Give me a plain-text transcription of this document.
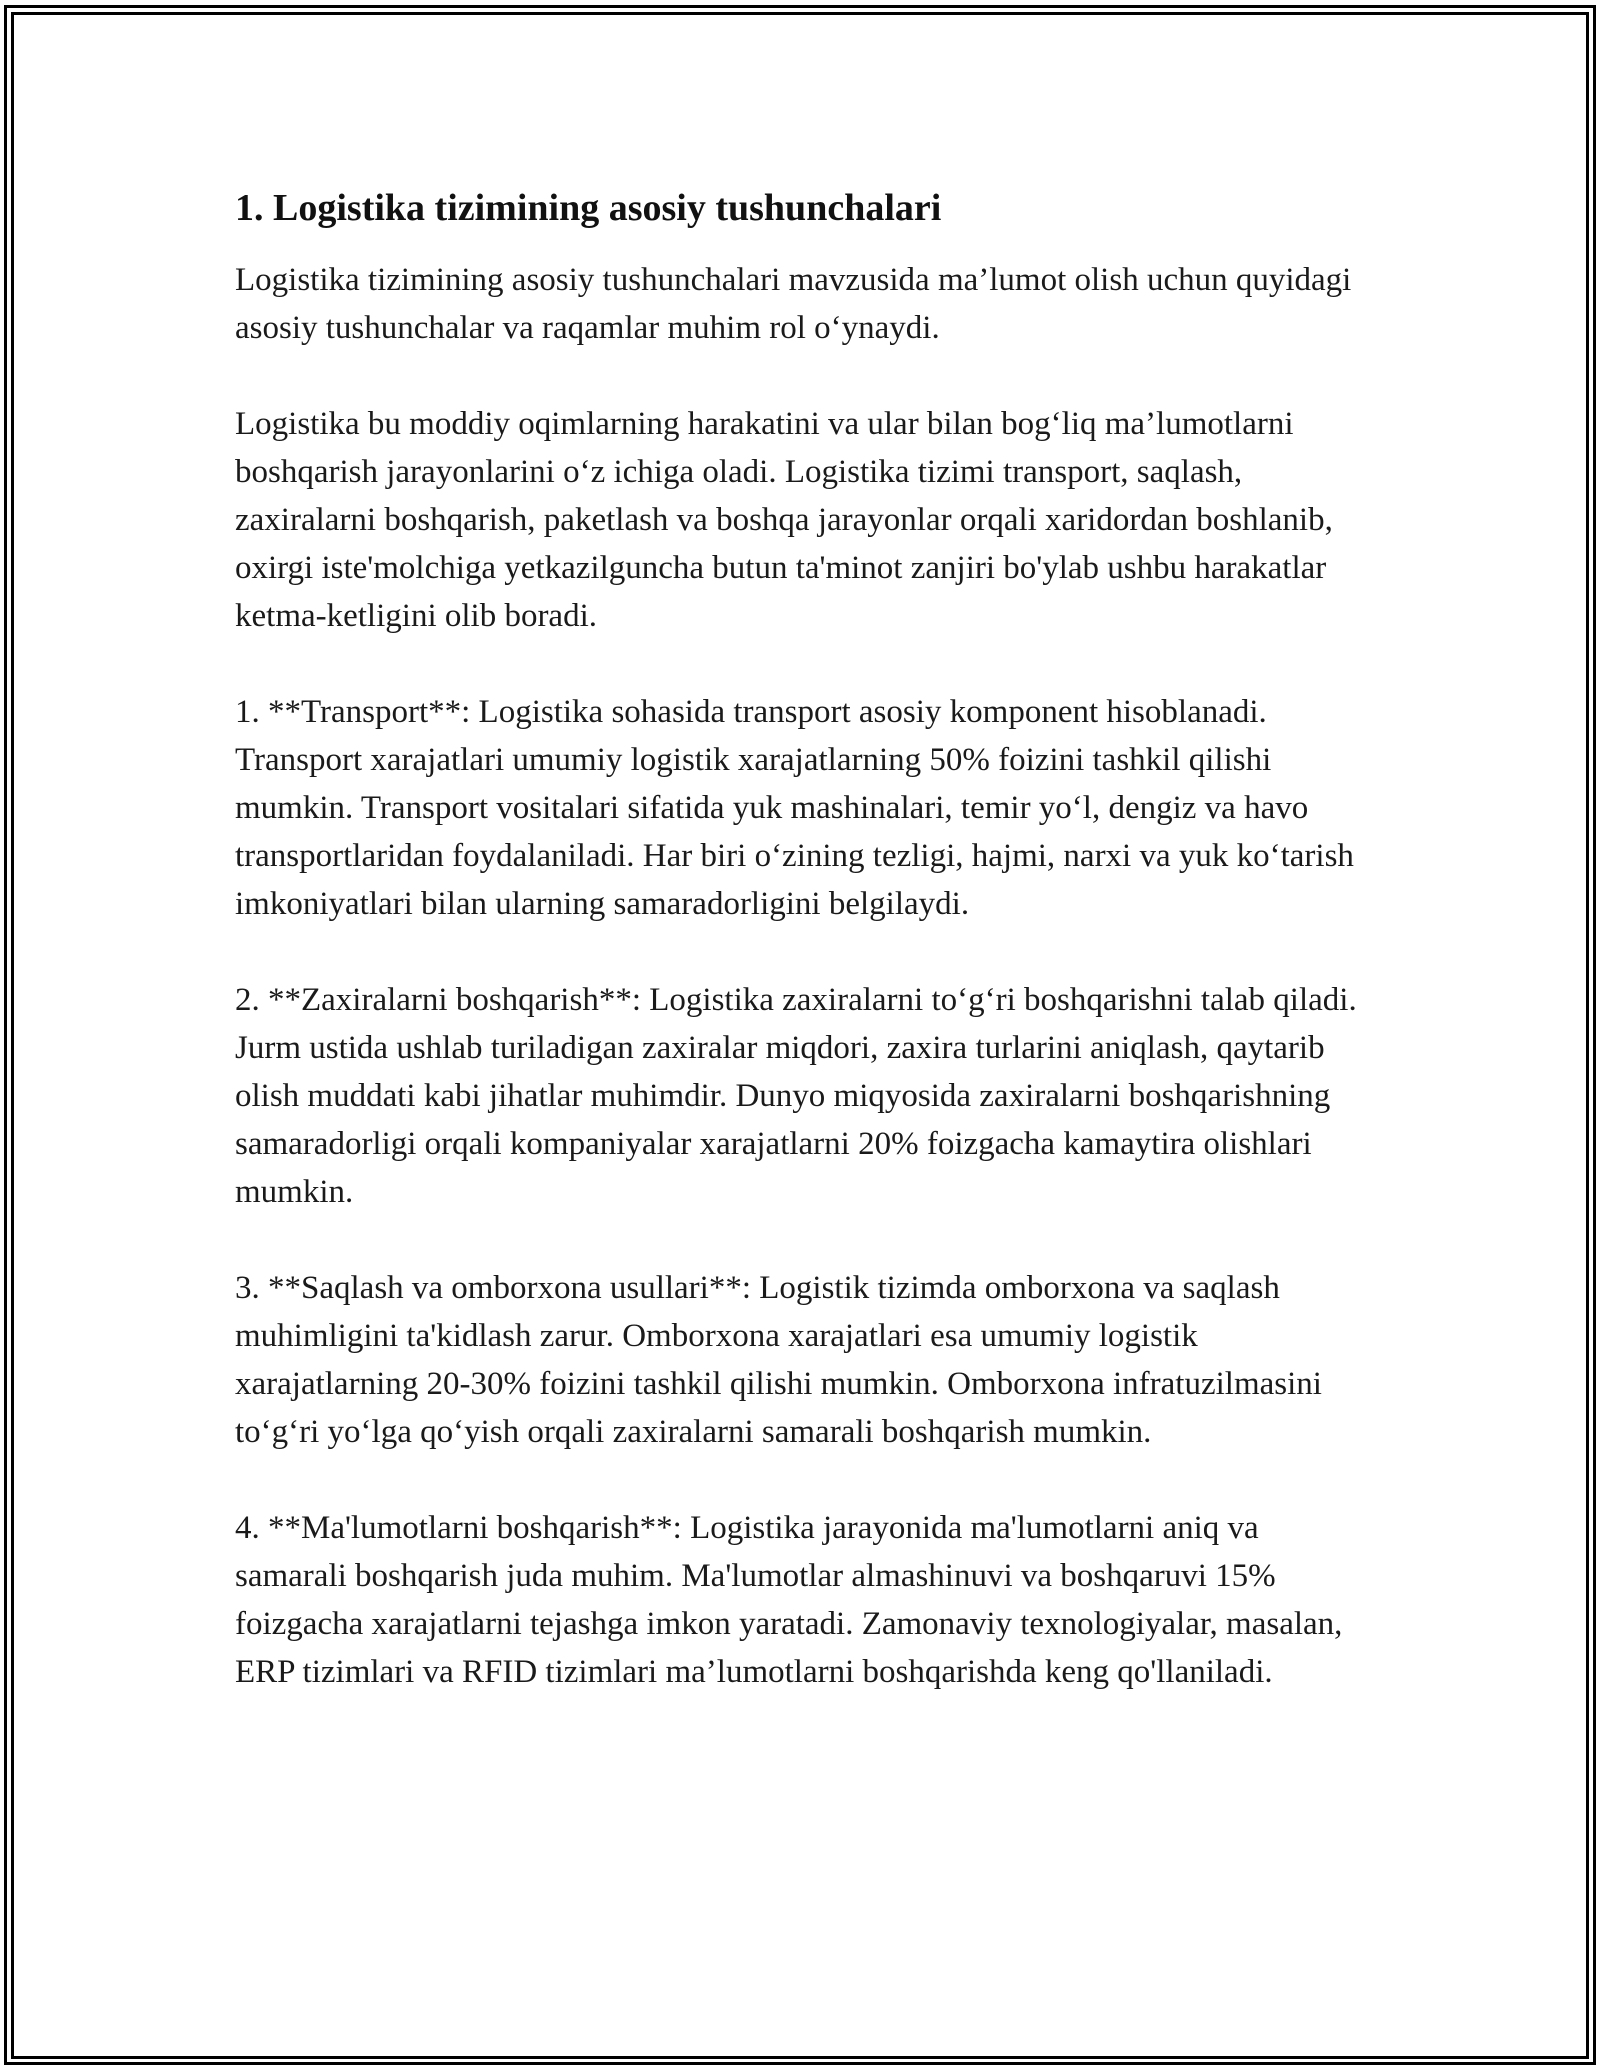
1. Logistika tizimining asosiy tushunchalari

Logistika tizimining asosiy tushunchalari mavzusida ma’lumot olish uchun quyidagi asosiy tushunchalar va raqamlar muhim rol o‘ynaydi.

Logistika bu moddiy oqimlarning harakatini va ular bilan bog‘liq ma’lumotlarni boshqarish jarayonlarini o‘z ichiga oladi. Logistika tizimi transport, saqlash, zaxiralarni boshqarish, paketlash va boshqa jarayonlar orqali xaridordan boshlanib, oxirgi iste'molchiga yetkazilguncha butun ta'minot zanjiri bo'ylab ushbu harakatlar ketma-ketligini olib boradi.

1. **Transport**: Logistika sohasida transport asosiy komponent hisoblanadi. Transport xarajatlari umumiy logistik xarajatlarning 50% foizini tashkil qilishi mumkin. Transport vositalari sifatida yuk mashinalari, temir yo‘l, dengiz va havo transportlaridan foydalaniladi. Har biri o‘zining tezligi, hajmi, narxi va yuk ko‘tarish imkoniyatlari bilan ularning samaradorligini belgilaydi.

2. **Zaxiralarni boshqarish**: Logistika zaxiralarni to‘g‘ri boshqarishni talab qiladi. Jurm ustida ushlab turiladigan zaxiralar miqdori, zaxira turlarini aniqlash, qaytarib olish muddati kabi jihatlar muhimdir. Dunyo miqyosida zaxiralarni boshqarishning samaradorligi orqali kompaniyalar xarajatlarni 20% foizgacha kamaytira olishlari mumkin.

3. **Saqlash va omborxona usullari**: Logistik tizimda omborxona va saqlash muhimligini ta'kidlash zarur. Omborxona xarajatlari esa umumiy logistik xarajatlarning 20-30% foizini tashkil qilishi mumkin. Omborxona infratuzilmasini to‘g‘ri yo‘lga qo‘yish orqali zaxiralarni samarali boshqarish mumkin.

4. **Ma'lumotlarni boshqarish**: Logistika jarayonida ma'lumotlarni aniq va samarali boshqarish juda muhim. Ma'lumotlar almashinuvi va boshqaruvi 15% foizgacha xarajatlarni tejashga imkon yaratadi. Zamonaviy texnologiyalar, masalan, ERP tizimlari va RFID tizimlari ma’lumotlarni boshqarishda keng qo'llaniladi.
